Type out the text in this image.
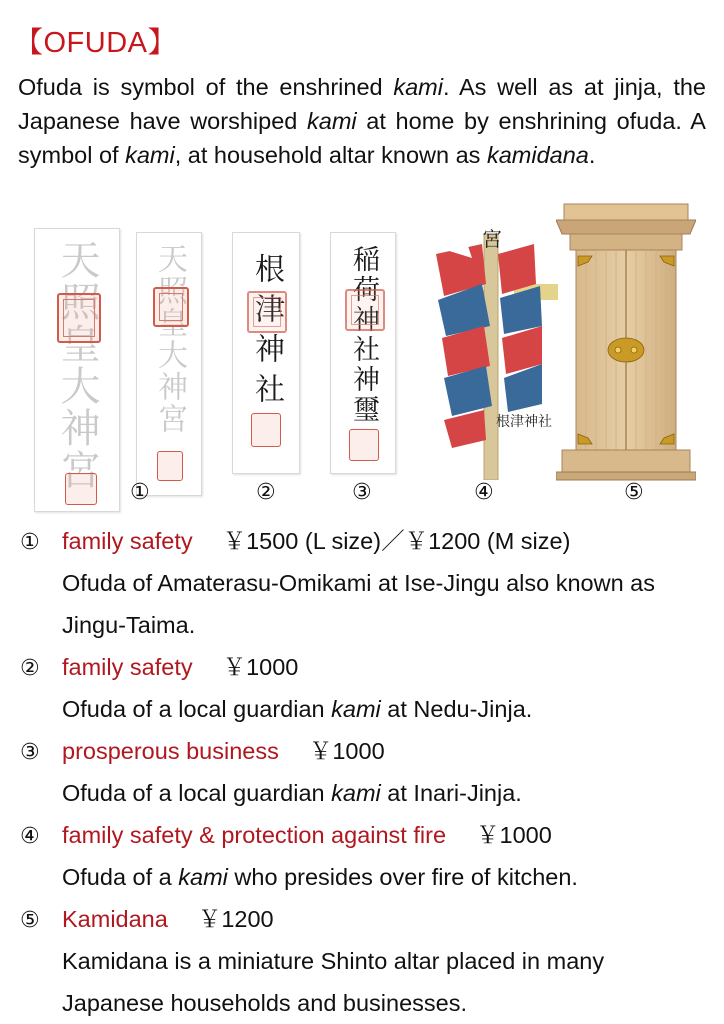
【OFUDA】

Ofuda is symbol of the enshrined kami. As well as at jinja, the Japanese have worshiped kami at home by enshrining ofuda. A symbol of kami, at household altar known as kamidana.

天照皇大神宮 天照皇大神宮 根津神社 稲荷神社神璽
宮
根津神社
①	②	③	④	⑤
① family safety ￥1500 (L size)／￥1200 (M size)
Ofuda of Amaterasu-Omikami at Ise-Jingu also known as Jingu-Taima.
② family safety ￥1000
Ofuda of a local guardian kami at Nedu-Jinja.
③ prosperous business ￥1000
Ofuda of a local guardian kami at Inari-Jinja.
④ family safety & protection against fire ￥1000
Ofuda of a kami who presides over fire of kitchen.
⑤ Kamidana ￥1200
Kamidana is a miniature Shinto altar placed in many Japanese households and businesses.
